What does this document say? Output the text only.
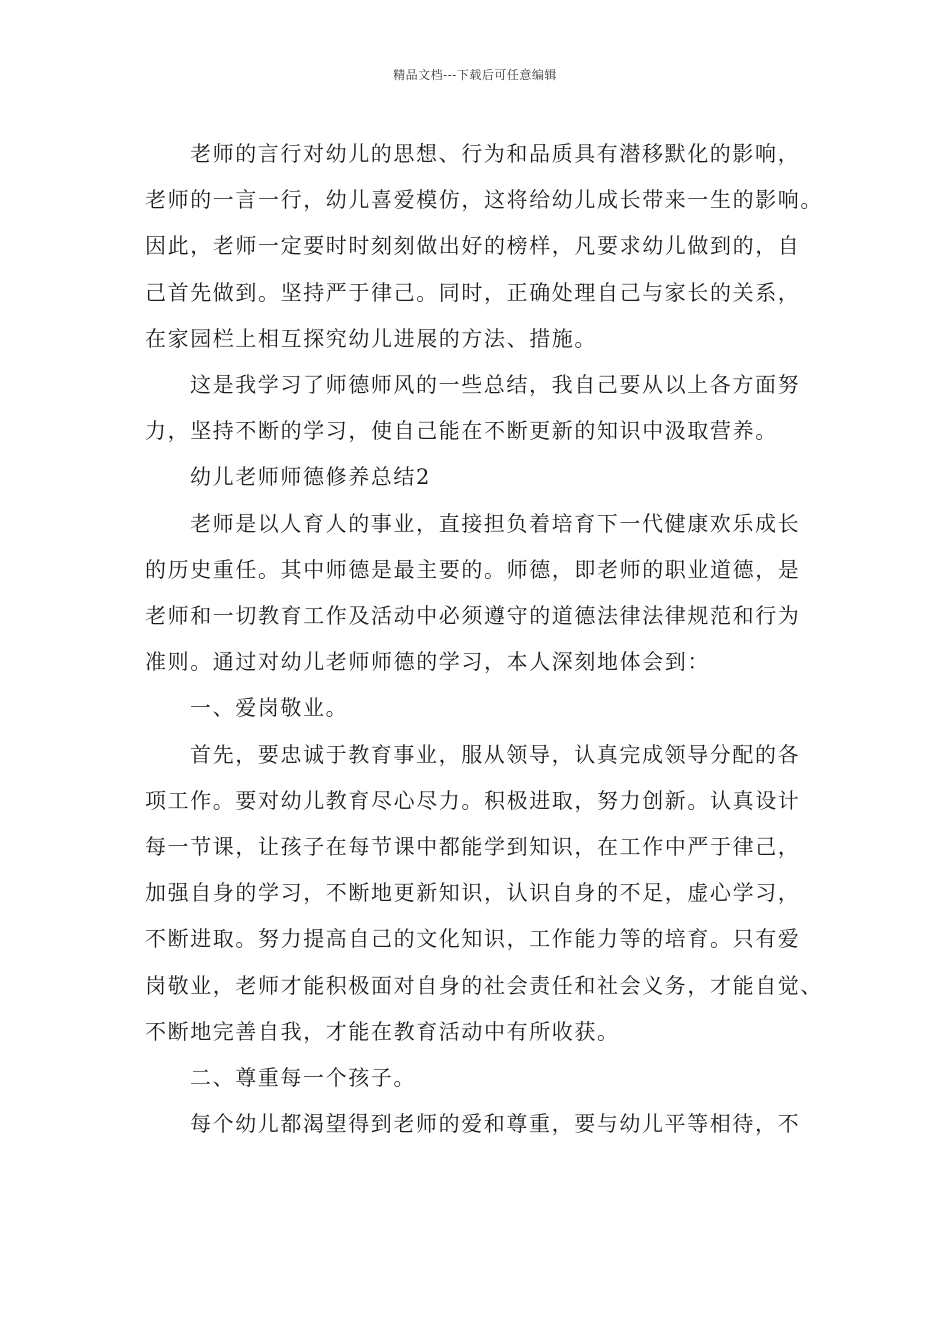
精品文档---下载后可任意编辑
老师的言行对幼儿的思想、行为和品质具有潜移默化的影响，
老师的一言一行，幼儿喜爱模仿，这将给幼儿成长带来一生的影响。
因此，老师一定要时时刻刻做出好的榜样，凡要求幼儿做到的，自
己首先做到。坚持严于律己。同时，正确处理自己与家长的关系，
在家园栏上相互探究幼儿进展的方法、措施。
这是我学习了师德师风的一些总结，我自己要从以上各方面努
力，坚持不断的学习，使自己能在不断更新的知识中汲取营养。
幼儿老师师德修养总结2
老师是以人育人的事业，直接担负着培育下一代健康欢乐成长
的历史重任。其中师德是最主要的。师德，即老师的职业道德，是
老师和一切教育工作及活动中必须遵守的道德法律法律规范和行为
准则。通过对幼儿老师师德的学习，本人深刻地体会到：
一、爱岗敬业。
首先，要忠诚于教育事业，服从领导，认真完成领导分配的各
项工作。要对幼儿教育尽心尽力。积极进取，努力创新。认真设计
每一节课，让孩子在每节课中都能学到知识，在工作中严于律己，
加强自身的学习，不断地更新知识，认识自身的不足，虚心学习，
不断进取。努力提高自己的文化知识，工作能力等的培育。只有爱
岗敬业，老师才能积极面对自身的社会责任和社会义务，才能自觉、
不断地完善自我，才能在教育活动中有所收获。
二、尊重每一个孩子。
每个幼儿都渴望得到老师的爱和尊重，要与幼儿平等相待，不
